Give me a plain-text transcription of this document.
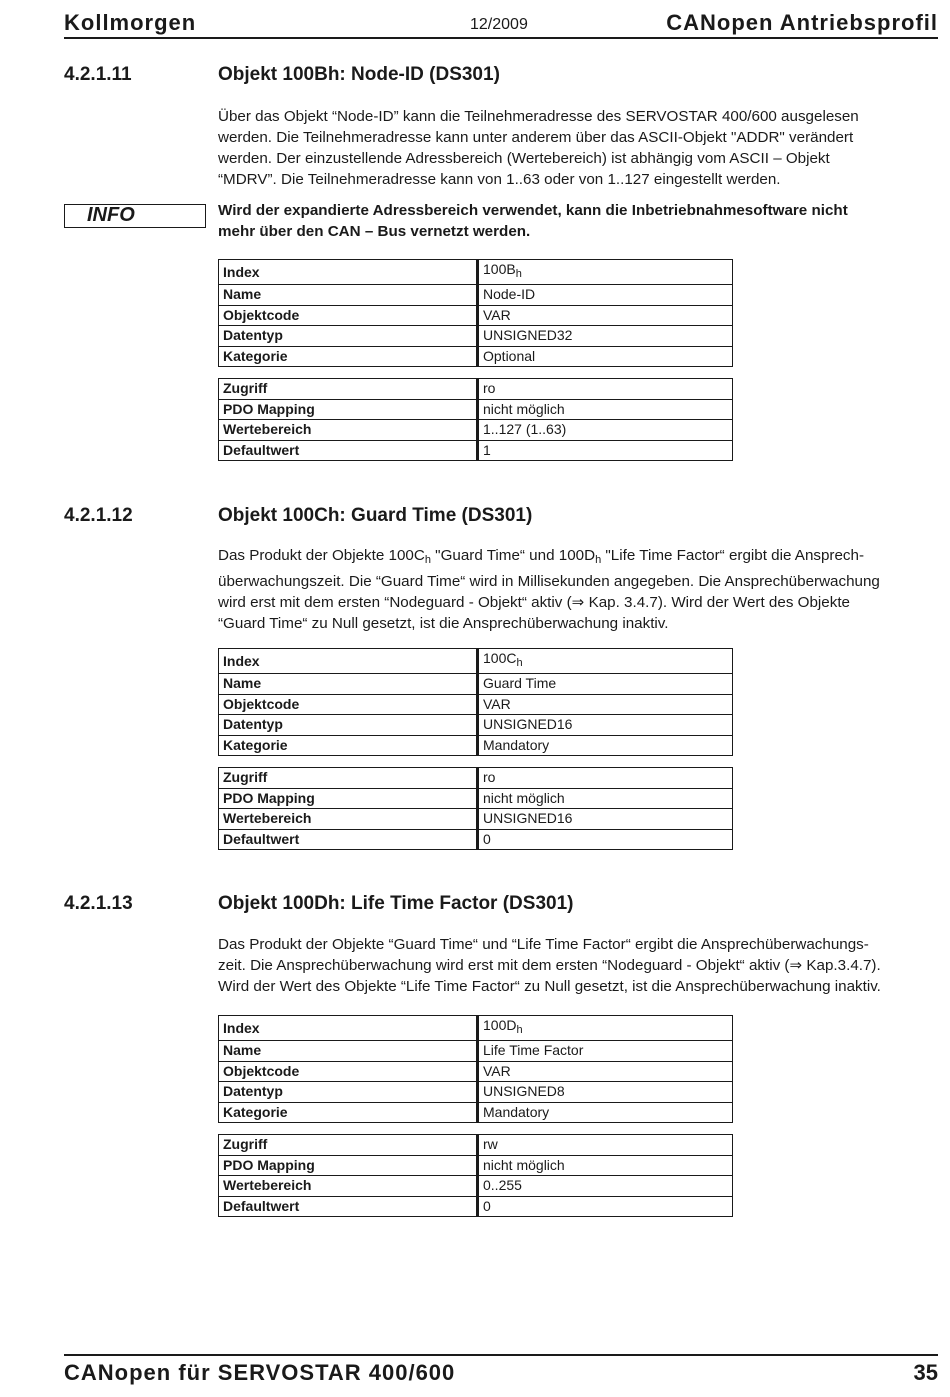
Kollmorgen	12/2009	CANopen Antriebsprofil
4.2.1.11	Objekt 100Bh: Node-ID (DS301)
Über das Objekt “Node-ID” kann die Teilnehmeradresse des SERVOSTAR 400/600 ausgelesen
werden. Die Teilnehmeradresse kann unter anderem über das ASCII-Objekt "ADDR" verändert
werden. Der einzustellende Adressbereich (Wertebereich) ist abhängig vom ASCII – Objekt
“MDRV”. Die Teilnehmeradresse kann von 1..63 oder von 1..127 eingestellt werden.
INFO	Wird der expandierte Adressbereich verwendet, kann die Inbetriebnahmesoftware nicht
mehr über den CAN – Bus vernetzt werden.
Index	$100B_h$
Name	Node-ID
Objektcode	VAR
Datentyp	UNSIGNED32
Kategorie	Optional
Zugriff	ro
PDO Mapping	nicht möglich
Wertebereich	1..127 (1..63)
Defaultwert	1
4.2.1.12	Objekt 100Ch: Guard Time (DS301)
Das Produkt der Objekte $100C_h$ "Guard Time“ und $100D_h$ "Life Time Factor“ ergibt die Ansprech-
überwachungszeit. Die “Guard Time“ wird in Millisekunden angegeben. Die Ansprechüberwachung
wird erst mit dem ersten “Nodeguard - Objekt“ aktiv (⇒ Kap. 3.4.7). Wird der Wert des Objekte
“Guard Time“ zu Null gesetzt, ist die Ansprechüberwachung inaktiv.
Index	$100C_h$
Name	Guard Time
Objektcode	VAR
Datentyp	UNSIGNED16
Kategorie	Mandatory
Zugriff	ro
PDO Mapping	nicht möglich
Wertebereich	UNSIGNED16
Defaultwert	0
4.2.1.13	Objekt 100Dh: Life Time Factor (DS301)
Das Produkt der Objekte “Guard Time“ und “Life Time Factor“ ergibt die Ansprechüberwachungs-
zeit. Die Ansprechüberwachung wird erst mit dem ersten “Nodeguard - Objekt“ aktiv (⇒ Kap.3.4.7).
Wird der Wert des Objekte “Life Time Factor“ zu Null gesetzt, ist die Ansprechüberwachung inaktiv.
Index	$100D_h$
Name	Life Time Factor
Objektcode	VAR
Datentyp	UNSIGNED8
Kategorie	Mandatory
Zugriff	rw
PDO Mapping	nicht möglich
Wertebereich	0..255
Defaultwert	0
CANopen für SERVOSTAR 400/600	35
